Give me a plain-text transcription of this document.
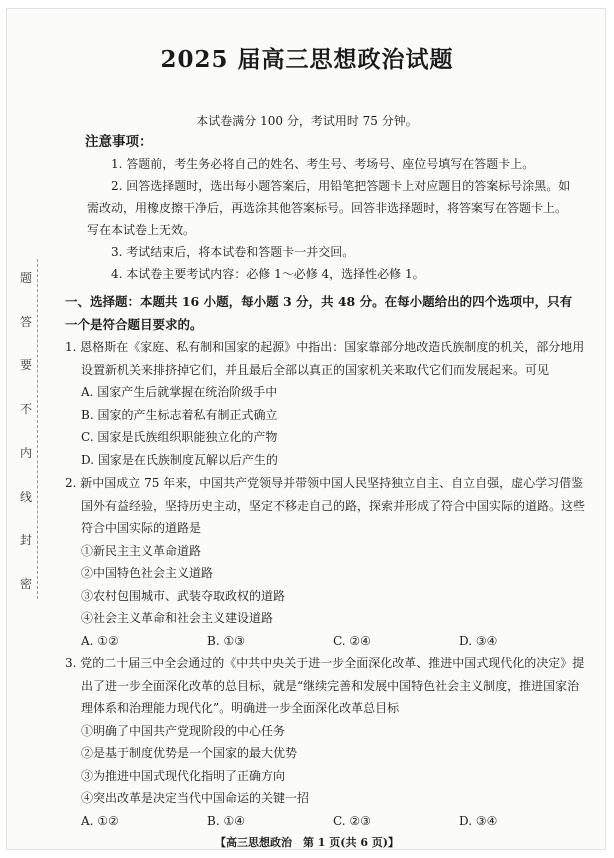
题
答
要
不
内
线
封
密
2025 届高三思想政治试题
本试卷满分 100 分，考试用时 75 分钟。
注意事项：

1. 答题前，考生务必将自己的姓名、考生号、考场号、座位号填写在答题卡上。

2. 回答选择题时，选出每小题答案后，用铅笔把答题卡上对应题目的答案标号涂黑。如需改动，用橡皮擦干净后，再选涂其他答案标号。回答非选择题时，将答案写在答题卡上。写在本试卷上无效。

3. 考试结束后，将本试卷和答题卡一并交回。

4. 本试卷主要考试内容：必修 1～必修 4，选择性必修 1。

一、选择题：本题共 16 小题，每小题 3 分，共 48 分。在每小题给出的四个选项中，只有一个是符合题目要求的。

1. 恩格斯在《家庭、私有制和国家的起源》中指出：国家靠部分地改造氏族制度的机关，部分地用设置新机关来排挤掉它们，并且最后全部以真正的国家机关来取代它们而发展起来。可见

A. 国家产生后就掌握在统治阶级手中

B. 国家的产生标志着私有制正式确立

C. 国家是氏族组织职能独立化的产物

D. 国家是在氏族制度瓦解以后产生的

2. 新中国成立 75 年来，中国共产党领导并带领中国人民坚持独立自主、自立自强，虚心学习借鉴国外有益经验，坚持历史主动，坚定不移走自己的路，探索并形成了符合中国实际的道路。这些符合中国实际的道路是

①新民主主义革命道路

②中国特色社会主义道路

③农村包围城市、武装夺取政权的道路

④社会主义革命和社会主义建设道路

A. ①②	B. ①③	C. ②④	D. ③④

3. 党的二十届三中全会通过的《中共中央关于进一步全面深化改革、推进中国式现代化的决定》提出了进一步全面深化改革的总目标，就是“继续完善和发展中国特色社会主义制度，推进国家治理体系和治理能力现代化”。明确进一步全面深化改革总目标

①明确了中国共产党现阶段的中心任务

②是基于制度优势是一个国家的最大优势

③为推进中国式现代化指明了正确方向

④突出改革是决定当代中国命运的关键一招

A. ①②	B. ①④	C. ②③	D. ③④
【高三思想政治　第 1 页(共 6 页)】
